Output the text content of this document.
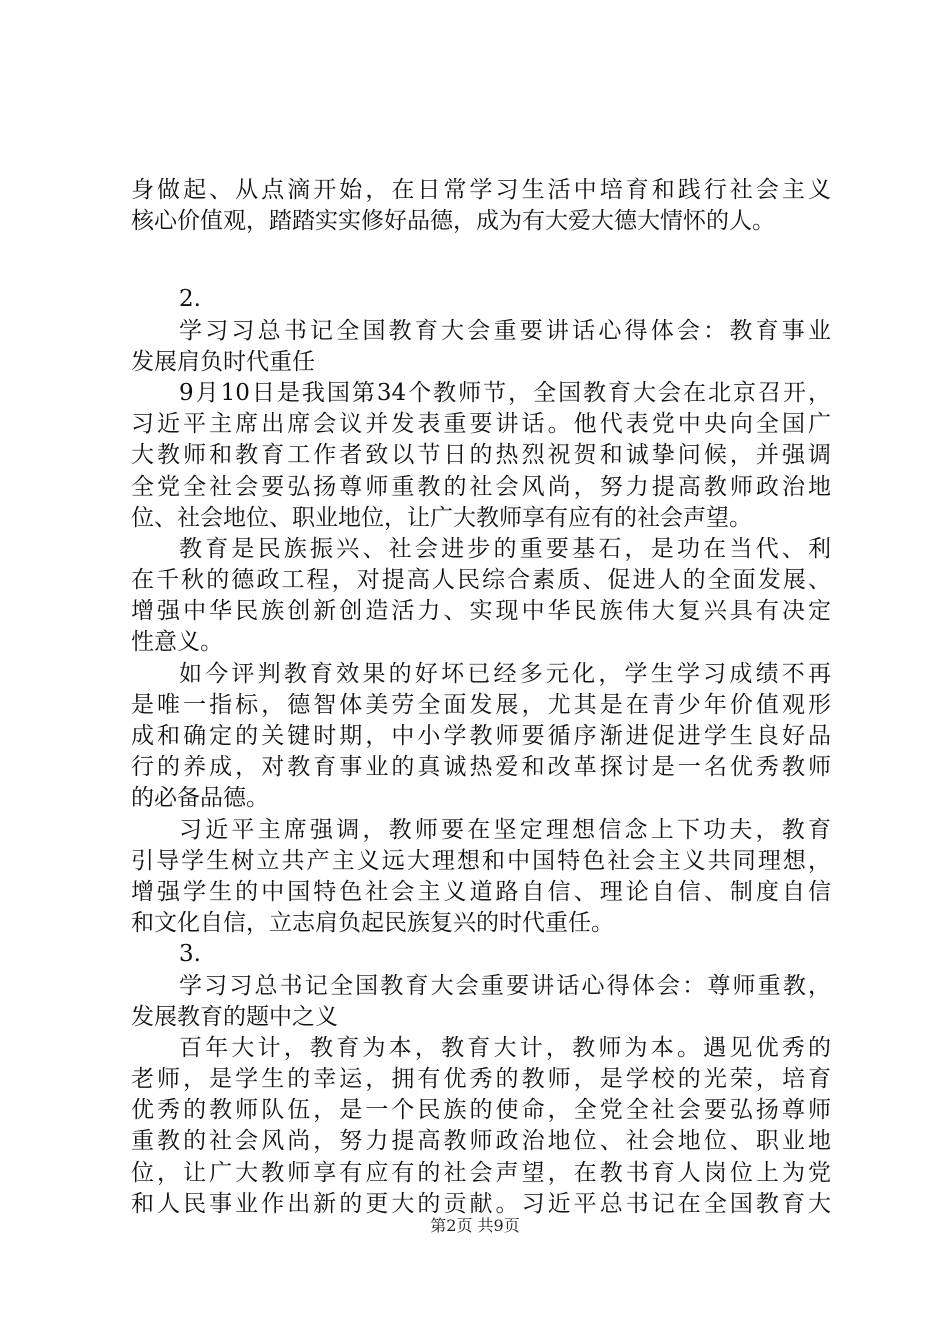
身做起、从点滴开始，在日常学习生活中培育和践行社会主义
核心价值观，踏踏实实修好品德，成为有大爱大德大情怀的人。
2.
学习习总书记全国教育大会重要讲话心得体会：教育事业
发展肩负时代重任
9月10日是我国第34个教师节，全国教育大会在北京召开，
习近平主席出席会议并发表重要讲话。他代表党中央向全国广
大教师和教育工作者致以节日的热烈祝贺和诚挚问候，并强调
全党全社会要弘扬尊师重教的社会风尚，努力提高教师政治地
位、社会地位、职业地位，让广大教师享有应有的社会声望。
教育是民族振兴、社会进步的重要基石，是功在当代、利
在千秋的德政工程，对提高人民综合素质、促进人的全面发展、
增强中华民族创新创造活力、实现中华民族伟大复兴具有决定
性意义。
如今评判教育效果的好坏已经多元化，学生学习成绩不再
是唯一指标，德智体美劳全面发展，尤其是在青少年价值观形
成和确定的关键时期，中小学教师要循序渐进促进学生良好品
行的养成，对教育事业的真诚热爱和改革探讨是一名优秀教师
的必备品德。
习近平主席强调，教师要在坚定理想信念上下功夫，教育
引导学生树立共产主义远大理想和中国特色社会主义共同理想，
增强学生的中国特色社会主义道路自信、理论自信、制度自信
和文化自信，立志肩负起民族复兴的时代重任。
3.
学习习总书记全国教育大会重要讲话心得体会：尊师重教，
发展教育的题中之义
百年大计，教育为本，教育大计，教师为本。遇见优秀的
老师，是学生的幸运，拥有优秀的教师，是学校的光荣，培育
优秀的教师队伍，是一个民族的使命，全党全社会要弘扬尊师
重教的社会风尚，努力提高教师政治地位、社会地位、职业地
位，让广大教师享有应有的社会声望，在教书育人岗位上为党
和人民事业作出新的更大的贡献。习近平总书记在全国教育大
第2页 共9页
